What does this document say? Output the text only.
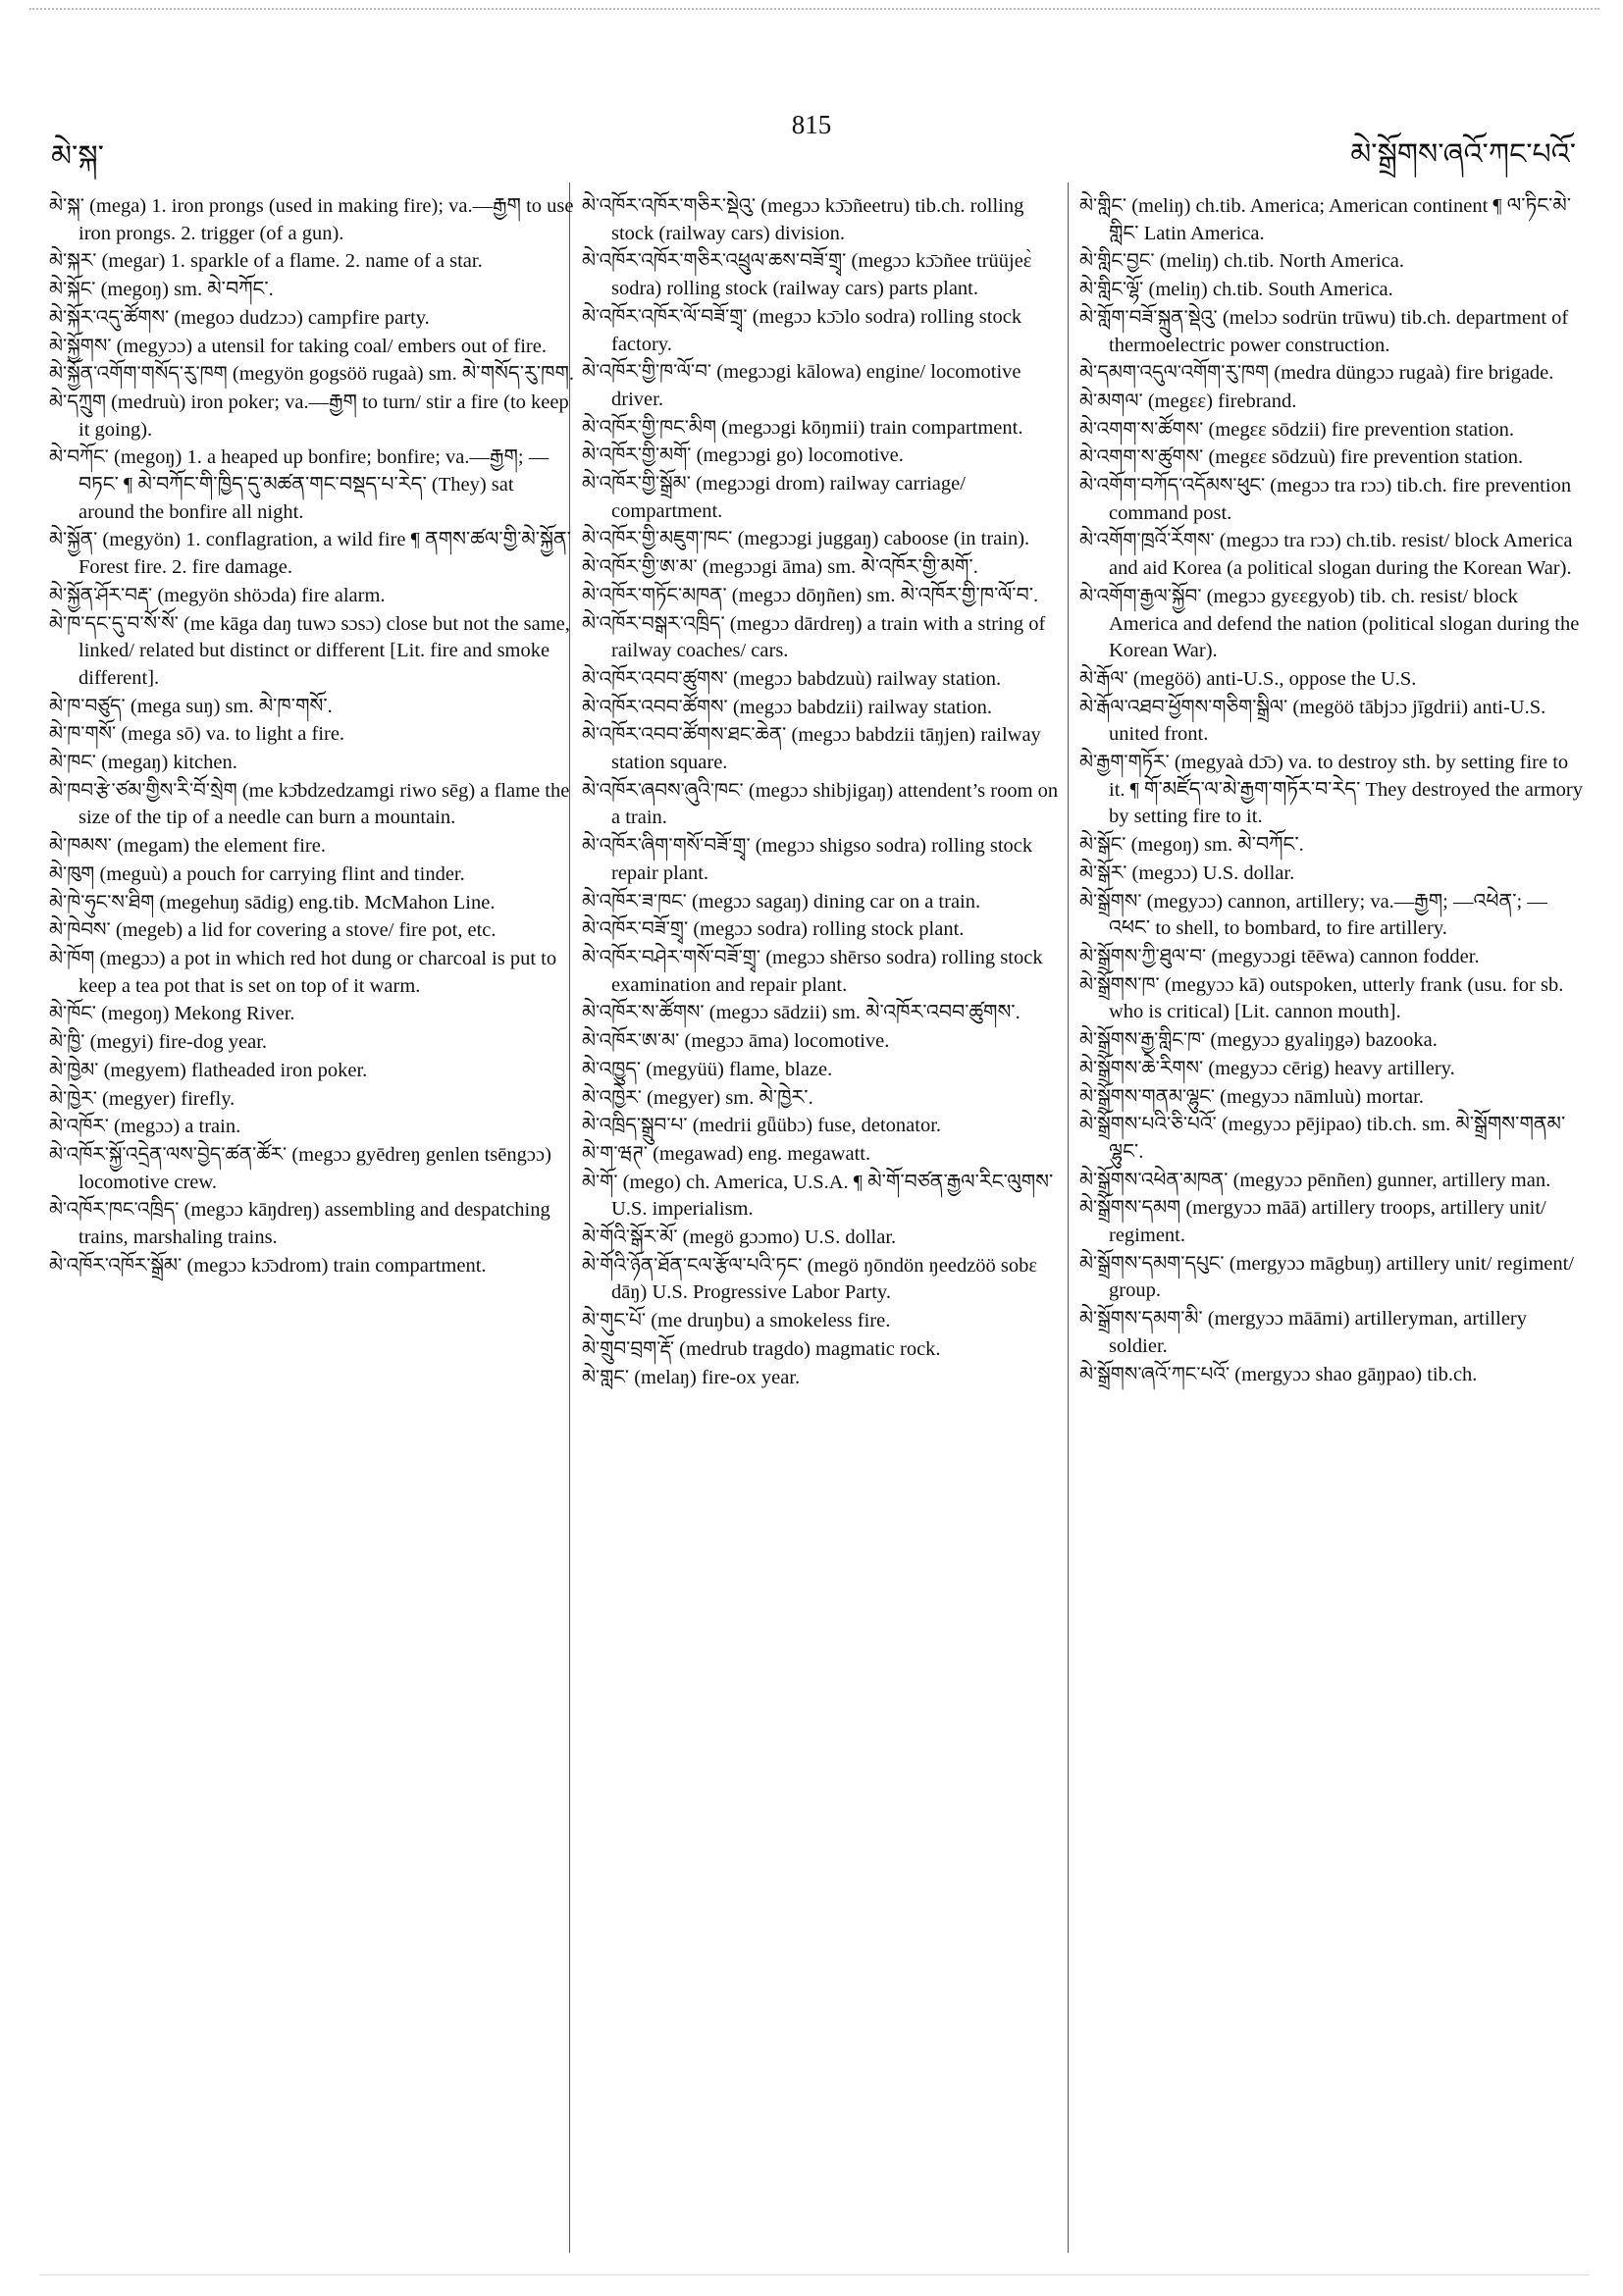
མེ་སྐ་
815
མེ་སྒྲོགས་ཞའོ་ཀང་པའོ་
མེ་སྐ་ (mega) 1. iron prongs (used in making fire); va.—རྒྱག to use iron prongs. 2. trigger (of a gun).
མེ་སྐར་ (megar) 1. sparkle of a flame. 2. name of a star.
མེ་སྐོང་ (megoŋ) sm. མེ་བཀོང་.
མེ་སྐོར་འདུ་ཚོགས་ (megoɔ dudzɔɔ) campfire party.
མེ་སྐྱོགས་ (megyɔɔ) a utensil for taking coal/ embers out of fire.
མེ་སྐྱོན་འགོག་གསོད་རུ་ཁག (megyön gogsöö rugaà) sm. མེ་གསོད་རུ་ཁག.
མེ་དཀྲུག (medruù) iron poker; va.—རྒྱག to turn/ stir a fire (to keep it going).
མེ་བཀོང་ (megoŋ) 1. a heaped up bonfire; bonfire; va.—རྒྱག; —བཏང་ ¶ མེ་བཀོང་གི་ཁྱིད་དུ་མཚན་གང་བསྡད་པ་རེད་ (They) sat around the bonfire all night.
མེ་སྐྱོན་ (megyön) 1. conflagration, a wild fire ¶ ནགས་ཚལ་གྱི་མེ་སྐྱོན་ Forest fire. 2. fire damage.
མེ་སྐྱོན་ཤོར་བརྡ་ (megyön shöɔda) fire alarm.
མེ་ཁ་དང་དུ་བ་སོ་སོ་ (me kāga daŋ tuwɔ sɔsɔ) close but not the same, linked/ related but distinct or different [Lit. fire and smoke different].
མེ་ཁ་བཙུད་ (mega suŋ) sm. མེ་ཁ་གསོ་.
མེ་ཁ་གསོ་ (mega sō) va. to light a fire.
མེ་ཁང་ (megaŋ) kitchen.
མེ་ཁབ་རྩེ་ཙམ་གྱིས་རི་བོ་སྲེག (me kɔ̄bdzedzamgi riwo sēg) a flame the size of the tip of a needle can burn a mountain.
མེ་ཁམས་ (megam) the element fire.
མེ་ཁུག (meguù) a pouch for carrying flint and tinder.
མེ་ཁེ་ཧུང་ས་ཐིག (megehuŋ sādig) eng.tib. McMahon Line.
མེ་ཁེབས་ (megeb) a lid for covering a stove/ fire pot, etc.
མེ་ཁོག (megɔɔ) a pot in which red hot dung or charcoal is put to keep a tea pot that is set on top of it warm.
མེ་ཁོང་ (megoŋ) Mekong River.
མེ་ཁྱི་ (megyi) fire-dog year.
མེ་ཁྱེམ་ (megyem) flatheaded iron poker.
མེ་ཁྱེར་ (megyer) firefly.
མེ་འཁོར་ (megɔɔ) a train.
མེ་འཁོར་སྐྱོ་འདྲེན་ལས་བྱེད་ཚན་ཚོར་ (megɔɔ gyēdreŋ genlen tsēngɔɔ) locomotive crew.
མེ་འཁོར་ཁང་འཁྲིད་ (megɔɔ kāŋdreŋ) assembling and despatching trains, marshaling trains.
མེ་འཁོར་འཁོར་སྒྲོམ་ (megɔɔ kɔ̄ɔdrom) train compartment.
མེ་འཁོར་འཁོར་གཅིར་སྡེའུ་ (megɔɔ kɔ̄ɔñeetru) tib.ch. rolling stock (railway cars) division.
མེ་འཁོར་འཁོར་གཅིར་འཕྲུལ་ཆས་བཟོ་གྲྭ་ (megɔɔ kɔ̄ɔñee trüüjeɛ̀ sodra) rolling stock (railway cars) parts plant.
མེ་འཁོར་འཁོར་ལོ་བཟོ་གྲྭ་ (megɔɔ kɔ̄ɔlo sodra) rolling stock factory.
མེ་འཁོར་གྱི་ཁ་ལོ་བ་ (megɔɔgi kālowa) engine/ locomotive driver.
མེ་འཁོར་གྱི་ཁང་མིག (megɔɔgi kōŋmii) train compartment.
མེ་འཁོར་གྱི་མགོ་ (megɔɔgi go) locomotive.
མེ་འཁོར་གྱི་སྒྲོམ་ (megɔɔgi drom) railway carriage/ compartment.
མེ་འཁོར་གྱི་མཇུག་ཁང་ (megɔɔgi juggaŋ) caboose (in train).
མེ་འཁོར་གྱི་ཨ་མ་ (megɔɔgi āma) sm. མེ་འཁོར་གྱི་མགོ་.
མེ་འཁོར་གཏོང་མཁན་ (megɔɔ dōŋñen) sm. མེ་འཁོར་གྱི་ཁ་ལོ་བ་.
མེ་འཁོར་བསྒར་འཁྲིད་ (megɔɔ dārdreŋ) a train with a string of railway coaches/ cars.
མེ་འཁོར་འབབ་ཚུགས་ (megɔɔ babdzuù) railway station.
མེ་འཁོར་འབབ་ཚོགས་ (megɔɔ babdzii) railway station.
མེ་འཁོར་འབབ་ཚོགས་ཐང་ཆེན་ (megɔɔ babdzii tāŋjen) railway station square.
མེ་འཁོར་ཞབས་ཞུའི་ཁང་ (megɔɔ shibjigaŋ) attendent’s room on a train.
མེ་འཁོར་ཞིག་གསོ་བཟོ་གྲྭ་ (megɔɔ shigso sodra) rolling stock repair plant.
མེ་འཁོར་ཟ་ཁང་ (megɔɔ sagaŋ) dining car on a train.
མེ་འཁོར་བཟོ་གྲྭ་ (megɔɔ sodra) rolling stock plant.
མེ་འཁོར་བཤེར་གསོ་བཟོ་གྲྭ་ (megɔɔ shērso sodra) rolling stock examination and repair plant.
མེ་འཁོར་ས་ཚོགས་ (megɔɔ sādzii) sm. མེ་འཁོར་འབབ་ཚུགས་.
མེ་འཁོར་ཨ་མ་ (megɔɔ āma) locomotive.
མེ་འཁྱུད་ (megyüü) flame, blaze.
མེ་འཁྱེར་ (megyer) sm. མེ་ཁྱེར་.
མེ་འཁྲིད་སྒྲུབ་པ་ (medrii gǖübɔ) fuse, detonator.
མེ་ག་ཝཊ་ (megawad) eng. megawatt.
མེ་གོ་ (mego) ch. America, U.S.A. ¶ མེ་གོ་བཙན་རྒྱལ་རིང་ལུགས་ U.S. imperialism.
མེ་གོའི་སྒོར་མོ་ (megö gɔɔmo) U.S. dollar.
མེ་གོའི་ཉོན་ཐོན་ངལ་རྩོལ་པའི་ཏང་ (megö ŋōndön ŋeedzöö sobɛ dāŋ) U.S. Progressive Labor Party.
མེ་གུང་པོ་ (me druŋbu) a smokeless fire.
མེ་གྲུབ་བྲག་རྡོ་ (medrub tragdo) magmatic rock.
མེ་གླང་ (melaŋ) fire-ox year.
མེ་གླིང་ (meliŋ) ch.tib. America; American continent ¶ ལ་ཏིང་མེ་གླིང་ Latin America.
མེ་གླིང་བྱང་ (meliŋ) ch.tib. North America.
མེ་གླིང་ལྷོ་ (meliŋ) ch.tib. South America.
མེ་གློག་བཟོ་སྐྲུན་སྡེའུ་ (melɔɔ sodrün trūwu) tib.ch. department of thermoelectric power construction.
མེ་དམག་འདུལ་འགོག་རུ་ཁག (medra düngɔɔ rugaà) fire brigade.
མེ་མགལ་ (megɛɛ) firebrand.
མེ་འགག་ས་ཚོགས་ (megɛɛ sōdzii) fire prevention station.
མེ་འགག་ས་ཚུགས་ (megɛɛ sōdzuù) fire prevention station.
མེ་འགོག་བཀོད་འདོམས་ཕུང་ (megɔɔ tra rɔɔ) tib.ch. fire prevention command post.
མེ་འགོག་ཁྲའོ་རོགས་ (megɔɔ tra rɔɔ) ch.tib. resist/ block America and aid Korea (a political slogan during the Korean War).
མེ་འགོག་རྒྱལ་སྐྱོབ་ (megɔɔ gyɛɛgyob) tib. ch. resist/ block America and defend the nation (political slogan during the Korean War).
མེ་རྒོལ་ (megöö) anti-U.S., oppose the U.S.
མེ་རྒོལ་འཐབ་ཕྱོགས་གཅིག་སྒྲིལ་ (megöö tābjɔɔ jīgdrii) anti-U.S. united front.
མེ་རྒྱག་གཏོར་ (megyaà dɔ̄ɔ) va. to destroy sth. by setting fire to it. ¶ གོ་མཛོད་ལ་མེ་རྒྱག་གཏོར་བ་རེད་ They destroyed the armory by setting fire to it.
མེ་སྒོང་ (megoŋ) sm. མེ་བཀོང་.
མེ་སྒོར་ (megɔɔ) U.S. dollar.
མེ་སྒྲོགས་ (megyɔɔ) cannon, artillery; va.—རྒྱག; —འཕེན་; —འཕང་ to shell, to bombard, to fire artillery.
མེ་སྒྲོགས་ཀྱི་ཐུལ་བ་ (megyɔɔgi tēēwa) cannon fodder.
མེ་སྒྲོགས་ཁ་ (megyɔɔ kā) outspoken, utterly frank (usu. for sb. who is critical) [Lit. cannon mouth].
མེ་སྒྲོགས་རྒྱ་གླིང་ཁ་ (megyɔɔ gyaliŋgə) bazooka.
མེ་སྒྲོགས་ཆེ་རིགས་ (megyɔɔ cērig) heavy artillery.
མེ་སྒྲོགས་གནམ་ལྷུང་ (megyɔɔ nāmluù) mortar.
མེ་སྒྲོགས་པའི་ཅི་པའོ་ (megyɔɔ pējipao) tib.ch. sm. མེ་སྒྲོགས་གནམ་ལྷུང་.
མེ་སྒྲོགས་འཕེན་མཁན་ (megyɔɔ pēnñen) gunner, artillery man.
མེ་སྒྲོགས་དམག (mergyɔɔ māā) artillery troops, artillery unit/ regiment.
མེ་སྒྲོགས་དམག་དཔུང་ (mergyɔɔ māgbuŋ) artillery unit/ regiment/ group.
མེ་སྒྲོགས་དམག་མི་ (mergyɔɔ māāmi) artilleryman, artillery soldier.
མེ་སྒྲོགས་ཞའོ་ཀང་པའོ་ (mergyɔɔ shao gāŋpao) tib.ch.
